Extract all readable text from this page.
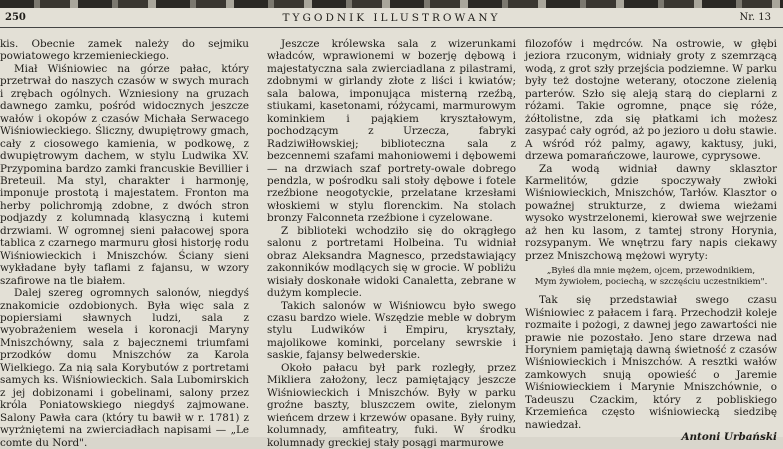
250	TYGODNIK ILLUSTROWANY	Nr. 13

kis. Obecnie zamek należy do sejmiku powiatowego krzemienieckiego.

Miał Wiśniowiec na górze pałac, który przetrwał do naszych czasów w swych murach i zrębach ogólnych. Wzniesiony na gruzach dawnego zamku, pośród widocznych jeszcze wałów i okopów z czasów Michała Serwacego Wiśniowieckiego. Śliczny, dwupiętrowy gmach, cały z ciosowego kamienia, w podkowę, z dwupiętrowym dachem, w stylu Ludwika XV. Przypomina bardzo zamki francuskie Bevillier i Breteuil. Ma styl, charakter i harmonję, imponuje prostotą i majestatem. Fronton ma herby polichromją zdobne, z dwóch stron podjazdy z kolumnadą klasyczną i kutemi drzwiami. W ogromnej sieni pałacowej spora tablica z czarnego marmuru głosi historję rodu Wiśniowieckich i Mniszchów. Ściany sieni wykładane były taflami z fajansu, w wzory szafirowe na tle białem.

Dalej szereg ogromnych salonów, niegdyś znakomicie ozdobionych. Była więc sala z popiersiami sławnych ludzi, sala z wyobrażeniem wesela i koronacji Maryny Mniszchówny, sala z bajecznemi triumfami przodków domu Mniszchów za Karola Wielkiego. Za nią sala Korybutów z portretami samych ks. Wiśniowieckich. Sala Lubomirskich z jej dobizonami i gobelinami, salony przez króla Poniatowskiego niegdyś zajmowane. Salony Pawła cara (który tu bawił w r. 1781) z wyrżniętemi na zwierciadłach napisami — „Le comte du Nord".

Jeszcze królewska sala z wizerunkami władców, wprawionemi w bozerję dębową i majestatyczna sala zwierciadlana z pilastrami, zdobnymi w girlandy złote z liści i kwiatów; sala balowa, imponująca misterną rzeźbą, stiukami, kasetonami, różycami, marmurowym kominkiem i pająkiem kryształowym, pochodzącym z Urzecza, fabryki Radziwiłłowskiej; biblioteczna sala z bezcennemi szafami mahoniowemi i dębowemi — na drzwiach szaf portrety-owale dobrego pendzla, w pośrodku sali stoły dębowe i fotele rzeźbione neogotyckie, przelatane krzesłami włoskiemi w stylu florenckim. Na stolach bronzy Falconneta rzeźbione i cyzelowane.

Z biblioteki wchodziło się do okrągłego salonu z portretami Holbeina. Tu widniał obraz Aleksandra Magnesco, przedstawiający zakonników modlących się w grocie. W pobliżu wisiały doskonałe widoki Canaletta, zebrane w dużym komplecie.

Takich salonów w Wiśniowcu było swego czasu bardzo wiele. Wszędzie meble w dobrym stylu Ludwików i Empiru, kryształy, majolikowe kominki, porcelany sewrskie i saskie, fajansy belwederskie.

Około pałacu był park rozległy, przez Mikliera założony, lecz pamiętający jeszcze Wiśniowieckich i Mniszchów. Były w parku groźne baszty, bluszczem owite, zielonym wieńcem drzew i krzewów opasane. Były ruiny, kolumnady, amfiteatry, fuki. W środku kolumnady greckiej stały posągi marmurowe

filozofów i mędrców. Na ostrowie, w głębi jeziora rzuconym, widniały groty z szemrzącą wodą, z grot szły przejścia podziemne. W parku były też dostojne weterany, otoczone zielenią parterów. Szło się aleją starą do cieplarni z różami. Takie ogromne, pnące się róże, żółtolistne, zda się płatkami ich możesz zasypać cały ogród, aż po jezioro u dołu stawie. A wśród róż palmy, agawy, kaktusy, juki, drzewa pomarańczowe, laurowe, cyprysowe.

Za wodą widniał dawny sklasztor Karmelitów, gdzie spoczywały zwłoki Wiśniowieckich, Mniszchów, Tarłów. Klasztor o powaźnej strukturze, z dwiema wieżami wysoko wystrzelonemi, kierował swe wejrzenie aż hen ku lasom, z tamtej strony Horynia, rozsypanym. We wnętrzu fary napis ciekawy przez Mniszchową mężowi wyryty:

„Byłeś dla mnie mężem, ojcem, przewodnikiem,
Mym żywiołem, pociechą, w szczęściu uczestnikiem".

Tak się przedstawiał swego czasu Wiśniowiec z pałacem i farą. Przechodził koleje rozmaite i pożogi, z dawnej jego zawartości nie prawie nie pozostało. Jeno stare drzewa nad Horyniem pamiętają dawną świetność z czasów Wiśniowieckich i Mniszchów. A resztki wałów zamkowych snują opowieść o Jaremie Wiśniowieckiem i Marynie Mniszchównie, o Tadeuszu Czackim, który z pobliskiego Krzemieńca często wiśniowiecką siedzibę nawiedzał.

Antoni Urbański
